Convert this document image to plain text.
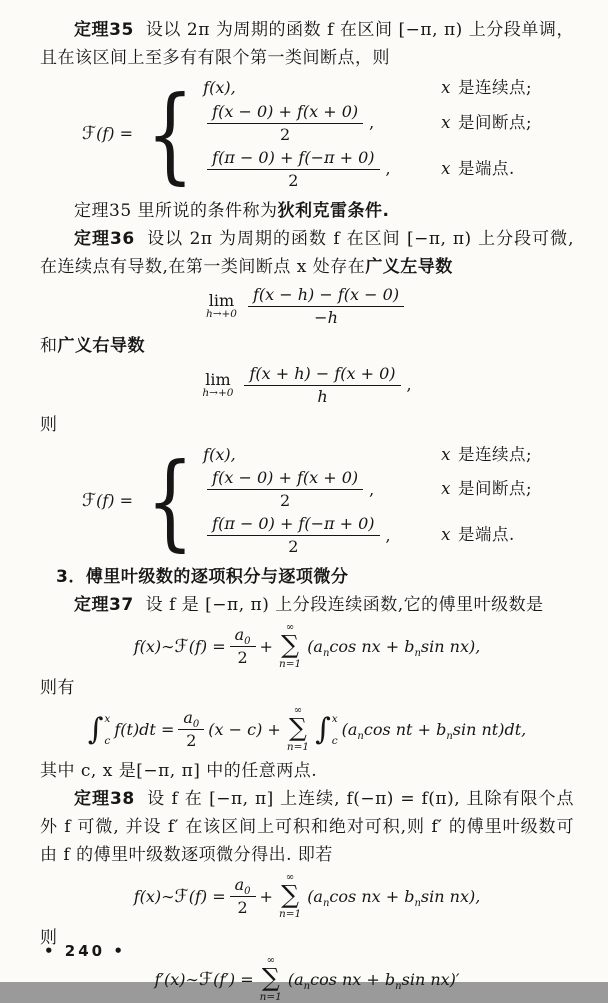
定理35 设以 2π 为周期的函数 f 在区间 [−π, π) 上分段单调，且在该区间上至多有有限个第一类间断点，则

ℱ (f) = { f(x),	x 是连续点;
$\frac{f(x - 0) + f(x + 0)}{2}$ ,	x 是间断点;
$\frac{f(\pi - 0) + f(-\pi + 0)}{2}$ ,	x 是端点.

定理35 里所说的条件称为狄利克雷条件.

定理36 设以 2π 为周期的函数 f 在区间 [−π, π) 上分段可微,在连续点有导数,在第一类间断点 x 处存在广义左导数

lim
$h\to+0 \frac{f(x - h) - f(x - 0)}{-h}$

和广义右导数

lim
$h\to+0 \frac{f(x + h) - f(x + 0)}{h}$ ,

则

ℱ (f) = { f(x),	x 是连续点;
$\frac{f(x - 0) + f(x + 0)}{2}$ ,	x 是间断点;
$\frac{f(\pi - 0) + f(-\pi + 0)}{2}$ ,	x 是端点.

3．傅里叶级数的逐项积分与逐项微分

定理37 设 f 是 [−π, π) 上分段连续函数,它的傅里叶级数是

f(x)∼ ℱ $(f) = \frac{a_0}{2}$ +
∞
∑
n=1
($a_n\cos$ nx + $b_n\sin$ nx),

则有

∫ x
c
$f(t)dt = \frac{a_0}{2} (x - c)$ +
∞
∑
n=1
∫ x
c
($a_n\cos$ nt + $b_n\sin$ nt)dt,

其中 c, x 是[−π, π] 中的任意两点.

定理38 设 f 在 [−π, π] 上连续, f(−π) = f(π), 且除有限个点外 f 可微, 并设 f′ 在该区间上可积和绝对可积,则 f′ 的傅里叶级数可由 f 的傅里叶级数逐项微分得出. 即若

f(x)∼ ℱ $(f) = \frac{a_0}{2}$ +
∞
∑
n=1
($a_n\cos$ nx + $b_n\sin$ nx),

则

f′(x)∼ ℱ (f′) =
∞
∑
n=1
($a_n\cos$ nx + $b_n\sin$ nx)′
• 240 •
